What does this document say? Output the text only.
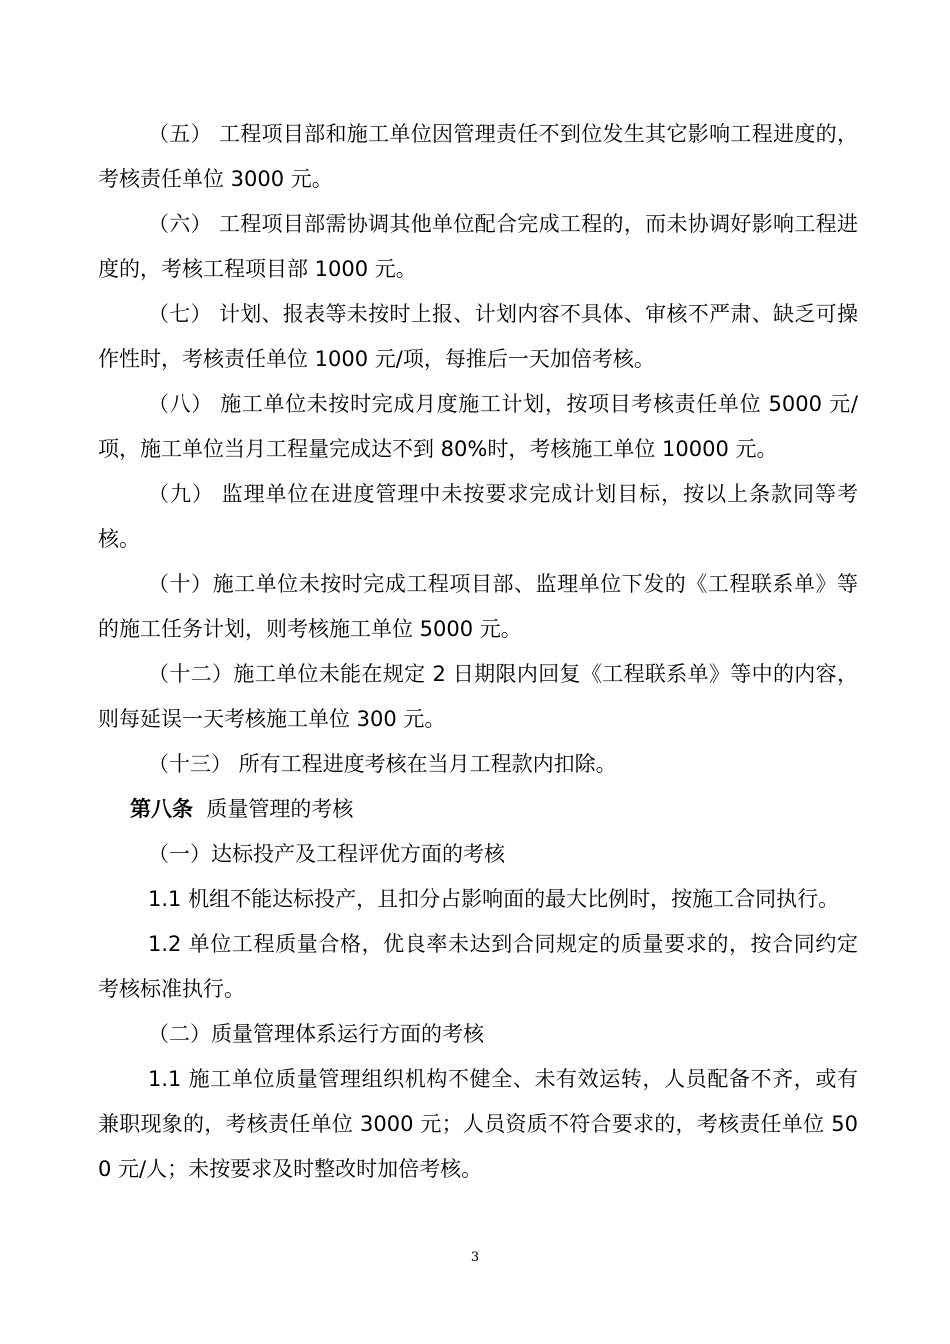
（五） 工程项目部和施工单位因管理责任不到位发生其它影响工程进度的，考核责任单位 3000 元。

（六） 工程项目部需协调其他单位配合完成工程的，而未协调好影响工程进度的，考核工程项目部 1000 元。

（七） 计划、报表等未按时上报、计划内容不具体、审核不严肃、缺乏可操作性时，考核责任单位 1000 元/项，每推后一天加倍考核。

（八） 施工单位未按时完成月度施工计划，按项目考核责任单位 5000 元/项，施工单位当月工程量完成达不到 80%时，考核施工单位 10000 元。

（九） 监理单位在进度管理中未按要求完成计划目标，按以上条款同等考核。

（十）施工单位未按时完成工程项目部、监理单位下发的《工程联系单》等的施工任务计划，则考核施工单位 5000 元。

（十二）施工单位未能在规定 2 日期限内回复《工程联系单》等中的内容，则每延误一天考核施工单位 300 元。

（十三） 所有工程进度考核在当月工程款内扣除。

第八条 质量管理的考核

（一）达标投产及工程评优方面的考核

1.1 机组不能达标投产，且扣分占影响面的最大比例时，按施工合同执行。

1.2 单位工程质量合格，优良率未达到合同规定的质量要求的，按合同约定考核标准执行。

（二）质量管理体系运行方面的考核

1.1 施工单位质量管理组织机构不健全、未有效运转，人员配备不齐，或有兼职现象的，考核责任单位 3000 元；人员资质不符合要求的，考核责任单位 500 元/人；未按要求及时整改时加倍考核。

3
